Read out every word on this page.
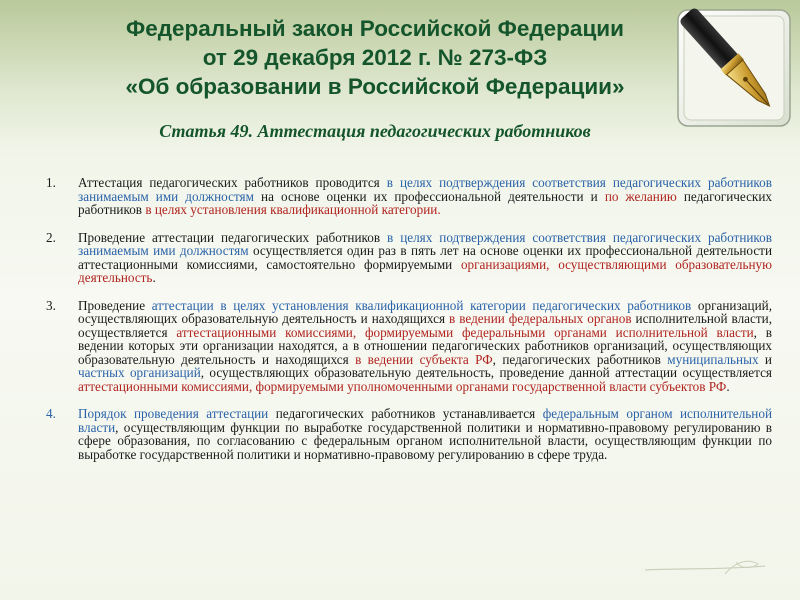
Федеральный закон Российской Федерации
от 29 декабря 2012 г. № 273-ФЗ
«Об образовании в Российской Федерации»
Статья 49. Аттестация педагогических работников
1. Аттестация педагогических работников проводится в целях подтверждения соответствия педагогических работников занимаемым ими должностям на основе оценки их профессиональной деятельности и по желанию педагогических работников в целях установления квалификационной категории.
2. Проведение аттестации педагогических работников в целях подтверждения соответствия педагогических работников занимаемым ими должностям осуществляется один раз в пять лет на основе оценки их профессиональной деятельности аттестационными комиссиями, самостоятельно формируемыми организациями, осуществляющими образовательную деятельность.
3. Проведение аттестации в целях установления квалификационной категории педагогических работников организаций, осуществляющих образовательную деятельность и находящихся в ведении федеральных органов исполнительной власти, осуществляется аттестационными комиссиями, формируемыми федеральными органами исполнительной власти, в ведении которых эти организации находятся, а в отношении педагогических работников организаций, осуществляющих образовательную деятельность и находящихся в ведении субъекта РФ, педагогических работников муниципальных и частных организаций, осуществляющих образовательную деятельность, проведение данной аттестации осуществляется аттестационными комиссиями, формируемыми уполномоченными органами государственной власти субъектов РФ.
4. Порядок проведения аттестации педагогических работников устанавливается федеральным органом исполнительной власти, осуществляющим функции по выработке государственной политики и нормативно-правовому регулированию в сфере образования, по согласованию с федеральным органом исполнительной власти, осуществляющим функции по выработке государственной политики и нормативно-правовому регулированию в сфере труда.
